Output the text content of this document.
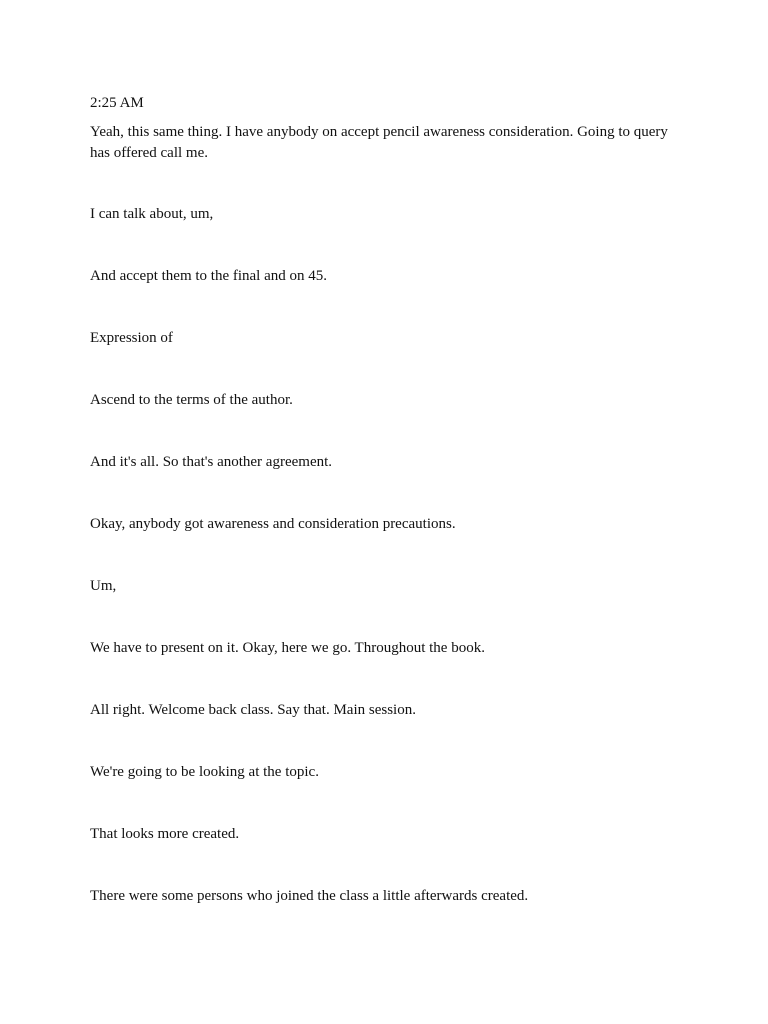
2:25 AM

Yeah, this same thing. I have anybody on accept pencil awareness consideration. Going to query has offered call me.

I can talk about, um,

And accept them to the final and on 45.

Expression of

Ascend to the terms of the author.

And it's all. So that's another agreement.

Okay, anybody got awareness and consideration precautions.

Um,

We have to present on it. Okay, here we go. Throughout the book.

All right. Welcome back class. Say that. Main session.

We're going to be looking at the topic.

That looks more created.

There were some persons who joined the class a little afterwards created.
